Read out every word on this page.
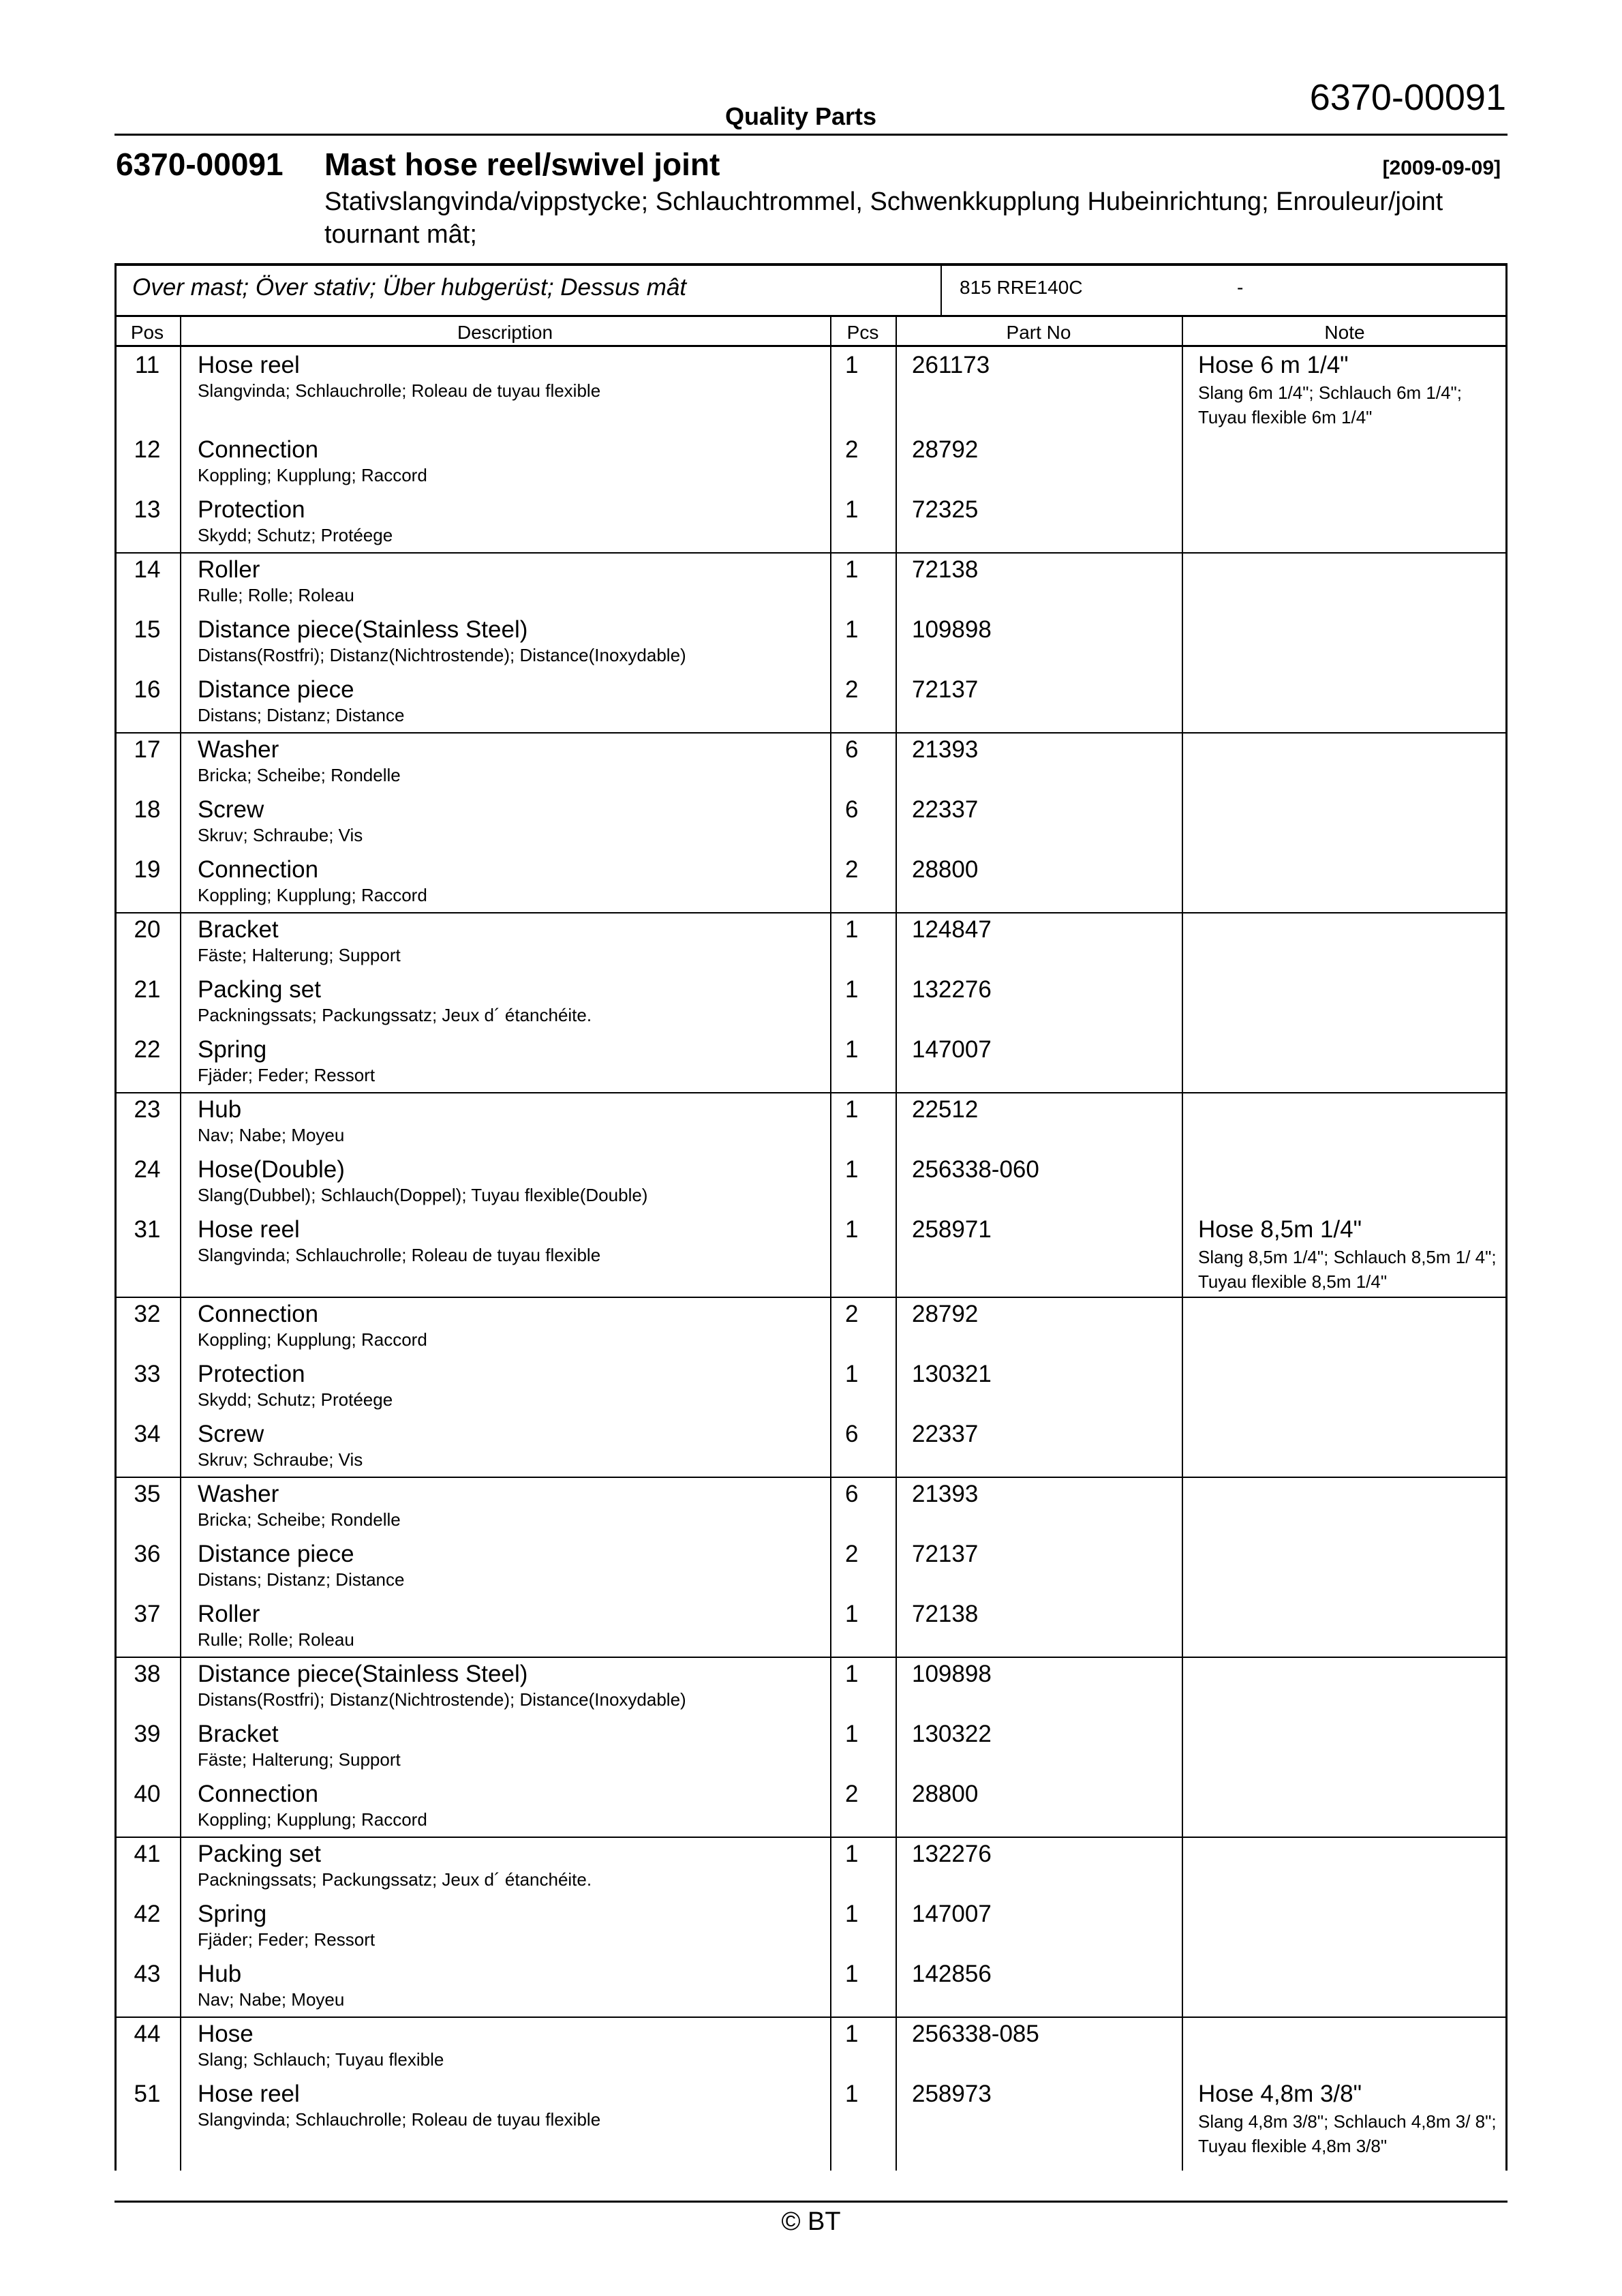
Quality Parts	6370-00091
6370-00091 Mast hose reel/swivel joint	[2009-09-09]
Stativslangvinda/vippstycke; Schlauchtrommel, Schwenkkupplung Hubeinrichtung; Enrouleur/joint tournant mât;
Over mast; Över stativ; Über hubgerüst; Dessus mât	815 RRE140C	-
Pos	Description	Pcs	Part No	Note
11	Hose reel
Slangvinda; Schlauchrolle; Roleau de tuyau flexible
1 261173	Hose 6 m 1/4"
Slang 6m 1/4"; Schlauch 6m 1/4"; Tuyau flexible 6m 1/4"
12	Connection
Koppling; Kupplung; Raccord
2 28792
13	Protection
Skydd; Schutz; Protéege
1 72325
14	Roller
Rulle; Rolle; Roleau
1 72138
15	Distance piece(Stainless Steel)
Distans(Rostfri); Distanz(Nichtrostende); Distance(Inoxydable)
1 109898
16	Distance piece
Distans; Distanz; Distance
2 72137
17	Washer
Bricka; Scheibe; Rondelle
6 21393
18	Screw
Skruv; Schraube; Vis
6 22337
19	Connection
Koppling; Kupplung; Raccord
2 28800
20	Bracket
Fäste; Halterung; Support
1 124847
21	Packing set
Packningssats; Packungssatz; Jeux d´ étanchéite.
1 132276
22	Spring
Fjäder; Feder; Ressort
1 147007
23	Hub
Nav; Nabe; Moyeu
1 22512
24	Hose(Double)
Slang(Dubbel); Schlauch(Doppel); Tuyau flexible(Double)
1 256338-060
31	Hose reel
Slangvinda; Schlauchrolle; Roleau de tuyau flexible
1 258971	Hose 8,5m 1/4"
Slang 8,5m 1/4"; Schlauch 8,5m 1/ 4"; Tuyau flexible 8,5m 1/4"
32	Connection
Koppling; Kupplung; Raccord
2 28792
33	Protection
Skydd; Schutz; Protéege
1 130321
34	Screw
Skruv; Schraube; Vis
6 22337
35	Washer
Bricka; Scheibe; Rondelle
6 21393
36	Distance piece
Distans; Distanz; Distance
2 72137
37	Roller
Rulle; Rolle; Roleau
1 72138
38	Distance piece(Stainless Steel)
Distans(Rostfri); Distanz(Nichtrostende); Distance(Inoxydable)
1 109898
39	Bracket
Fäste; Halterung; Support
1 130322
40	Connection
Koppling; Kupplung; Raccord
2 28800
41	Packing set
Packningssats; Packungssatz; Jeux d´ étanchéite.
1 132276
42	Spring
Fjäder; Feder; Ressort
1 147007
43	Hub
Nav; Nabe; Moyeu
1 142856
44	Hose
Slang; Schlauch; Tuyau flexible
1 256338-085
51	Hose reel
Slangvinda; Schlauchrolle; Roleau de tuyau flexible
1 258973	Hose 4,8m 3/8"
Slang 4,8m 3/8"; Schlauch 4,8m 3/ 8"; Tuyau flexible 4,8m 3/8"
© BT
